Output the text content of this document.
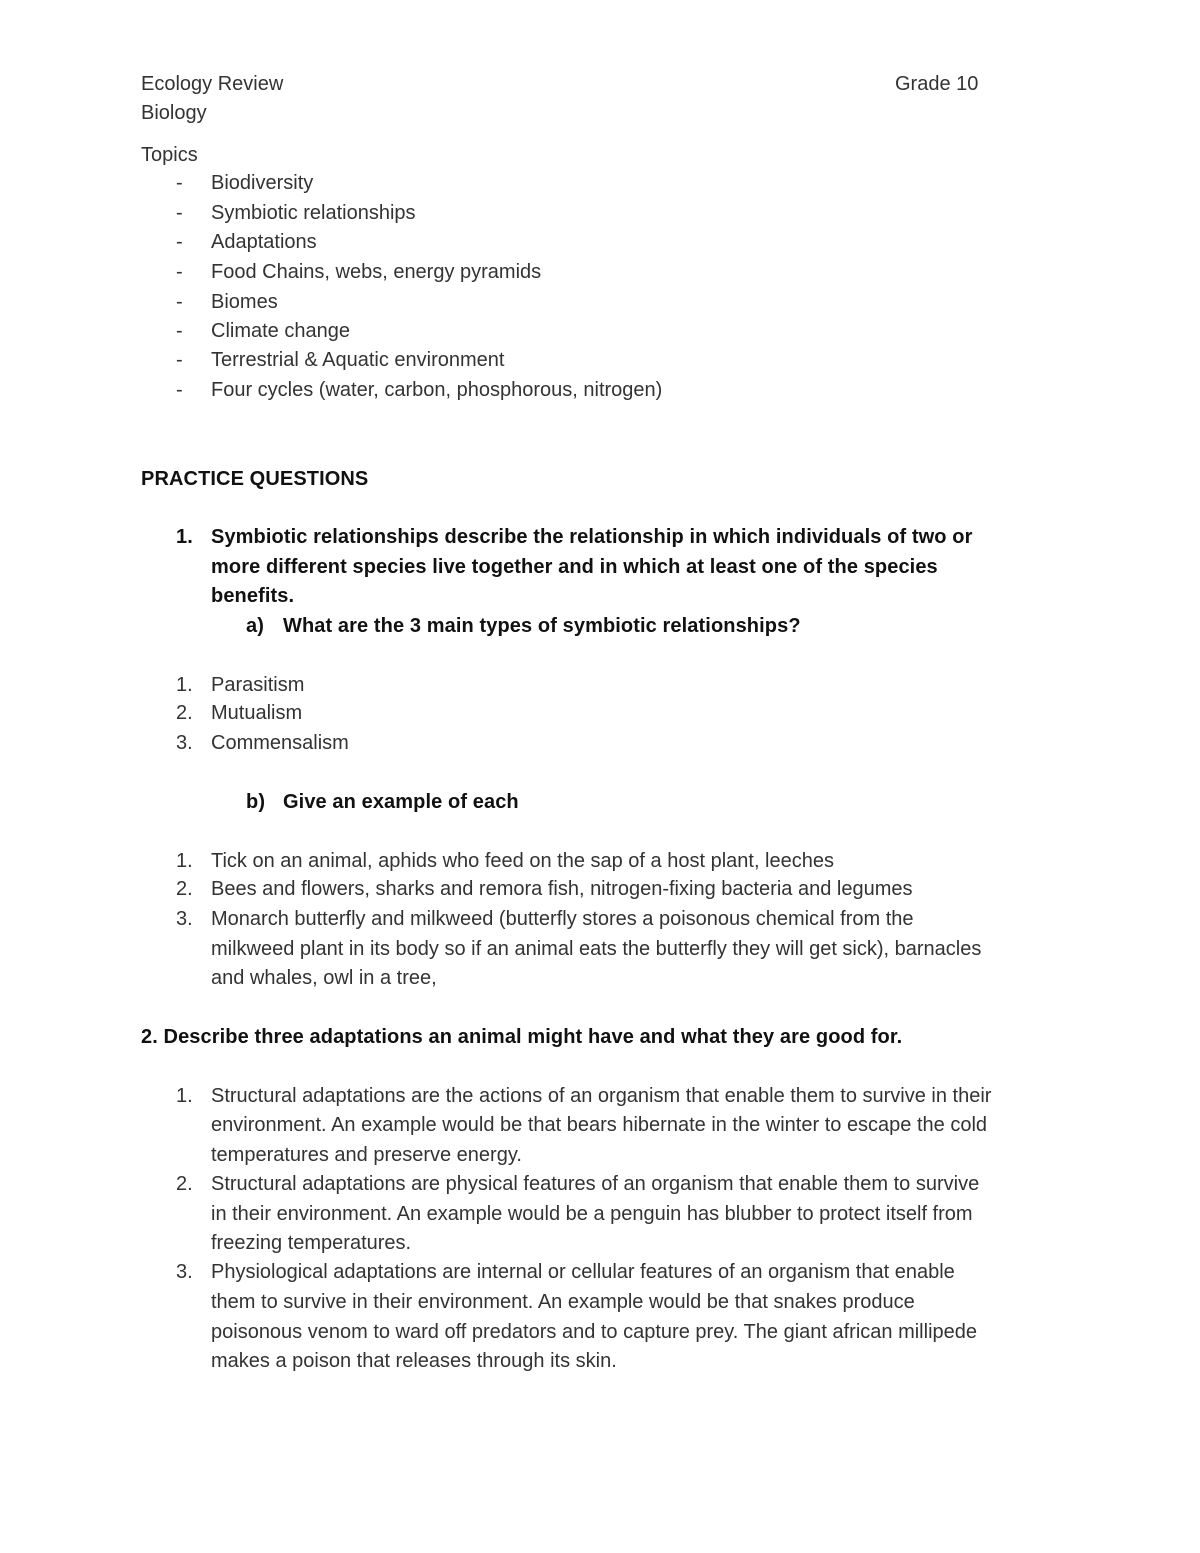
Ecology Review	Grade 10
Biology
Topics
- Biodiversity
- Symbiotic relationships
- Adaptations
- Food Chains, webs, energy pyramids
- Biomes
- Climate change
- Terrestrial & Aquatic environment
- Four cycles (water, carbon, phosphorous, nitrogen)
PRACTICE QUESTIONS
1. Symbiotic relationships describe the relationship in which individuals of two or
more different species live together and in which at least one of the species
benefits.
a) What are the 3 main types of symbiotic relationships?
1. Parasitism
2. Mutualism
3. Commensalism
b) Give an example of each
1. Tick on an animal, aphids who feed on the sap of a host plant, leeches
2. Bees and flowers, sharks and remora fish, nitrogen-fixing bacteria and legumes
3. Monarch butterfly and milkweed (butterfly stores a poisonous chemical from the
milkweed plant in its body so if an animal eats the butterfly they will get sick), barnacles
and whales, owl in a tree,
2. Describe three adaptations an animal might have and what they are good for.
1. Structural adaptations are the actions of an organism that enable them to survive in their
environment. An example would be that bears hibernate in the winter to escape the cold
temperatures and preserve energy.
2. Structural adaptations are physical features of an organism that enable them to survive
in their environment. An example would be a penguin has blubber to protect itself from
freezing temperatures.
3. Physiological adaptations are internal or cellular features of an organism that enable
them to survive in their environment. An example would be that snakes produce
poisonous venom to ward off predators and to capture prey. The giant african millipede
makes a poison that releases through its skin.
